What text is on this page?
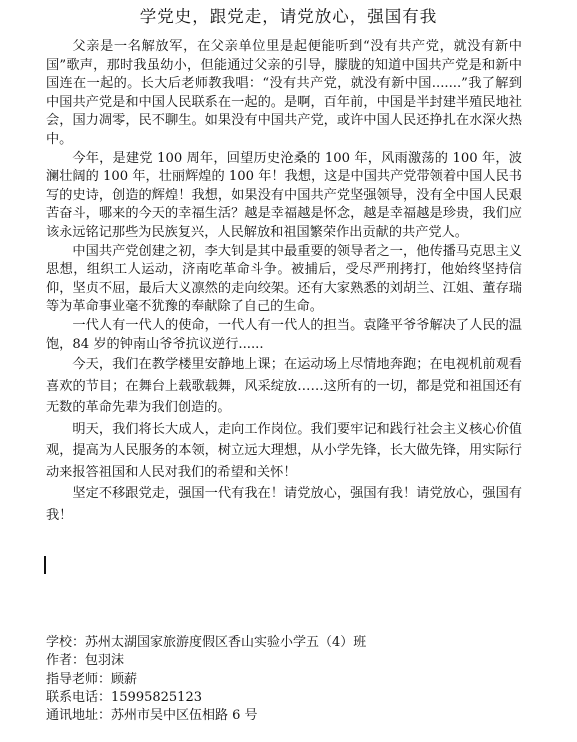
学党史，跟党走，请党放心，强国有我

父亲是一名解放军，在父亲单位里是起便能听到“没有共产党，就没有新中国”歌声，那时我虽幼小，但能通过父亲的引导，朦胧的知道中国共产党是和新中国连在一起的。长大后老师教我唱：“没有共产党，就没有新中国.......”我了解到中国共产党是和中国人民联系在一起的。是啊，百年前，中国是半封建半殖民地社会，国力凋零，民不聊生。如果没有中国共产党，或许中国人民还挣扎在水深火热中。

今年，是建党 100 周年，回望历史沧桑的 100 年，风雨激荡的 100 年，波澜壮阔的 100 年，壮丽辉煌的 100 年！我想，这是中国共产党带领着中国人民书写的史诗，创造的辉煌！我想，如果没有中国共产党坚强领导，没有全中国人民艰苦奋斗，哪来的今天的幸福生活？越是幸福越是怀念，越是幸福越是珍贵，我们应该永远铭记那些为民族复兴，人民解放和祖国繁荣作出贡献的共产党人。

中国共产党创建之初，李大钊是其中最重要的领导者之一，他传播马克思主义思想，组织工人运动，济南吃革命斗争。被捕后，受尽严刑拷打，他始终坚持信仰，坚贞不屈，最后大义凛然的走向绞架。还有大家熟悉的刘胡兰、江姐、董存瑞等为革命事业毫不犹豫的奉献除了自己的生命。

一代人有一代人的使命，一代人有一代人的担当。袁隆平爷爷解决了人民的温饱，84 岁的钟南山爷爷抗议逆行......

今天，我们在教学楼里安静地上课；在运动场上尽情地奔跑；在电视机前观看喜欢的节目；在舞台上载歌载舞，风采绽放……这所有的一切，都是党和祖国还有无数的革命先辈为我们创造的。

明天，我们将长大成人，走向工作岗位。我们要牢记和践行社会主义核心价值观，提高为人民服务的本领，树立远大理想，从小学先锋，长大做先锋，用实际行动来报答祖国和人民对我们的希望和关怀！

坚定不移跟党走，强国一代有我在！请党放心，强国有我！请党放心，强国有我！

学校：苏州太湖国家旅游度假区香山实验小学五（4）班
作者：包羽沫
指导老师：顾薪
联系电话：15995825123
通讯地址：苏州市吴中区伍相路 6 号
